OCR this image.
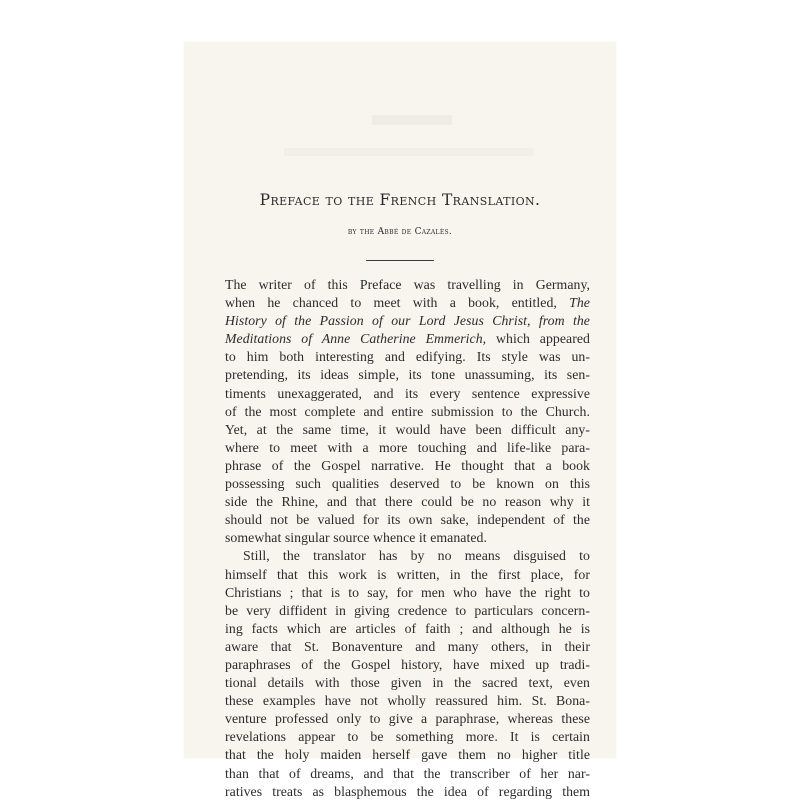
Preface to the French Translation.
by the Abbé de Cazalès.
The writer of this Preface was travelling in Germany,
when he chanced to meet with a book, entitled, The
History of the Passion of our Lord Jesus Christ, from the
Meditations of Anne Catherine Emmerich, which appeared
to him both interesting and edifying. Its style was un-
pretending, its ideas simple, its tone unassuming, its sen-
timents unexaggerated, and its every sentence expressive
of the most complete and entire submission to the Church.
Yet, at the same time, it would have been difficult any-
where to meet with a more touching and life-like para-
phrase of the Gospel narrative. He thought that a book
possessing such qualities deserved to be known on this
side the Rhine, and that there could be no reason why it
should not be valued for its own sake, independent of the
somewhat singular source whence it emanated.
Still, the translator has by no means disguised to
himself that this work is written, in the first place, for
Christians ; that is to say, for men who have the right to
be very diffident in giving credence to particulars concern-
ing facts which are articles of faith ; and although he is
aware that St. Bonaventure and many others, in their
paraphrases of the Gospel history, have mixed up tradi-
tional details with those given in the sacred text, even
these examples have not wholly reassured him. St. Bona-
venture professed only to give a paraphrase, whereas these
revelations appear to be something more. It is certain
that the holy maiden herself gave them no higher title
than that of dreams, and that the transcriber of her nar-
ratives treats as blasphemous the idea of regarding them
